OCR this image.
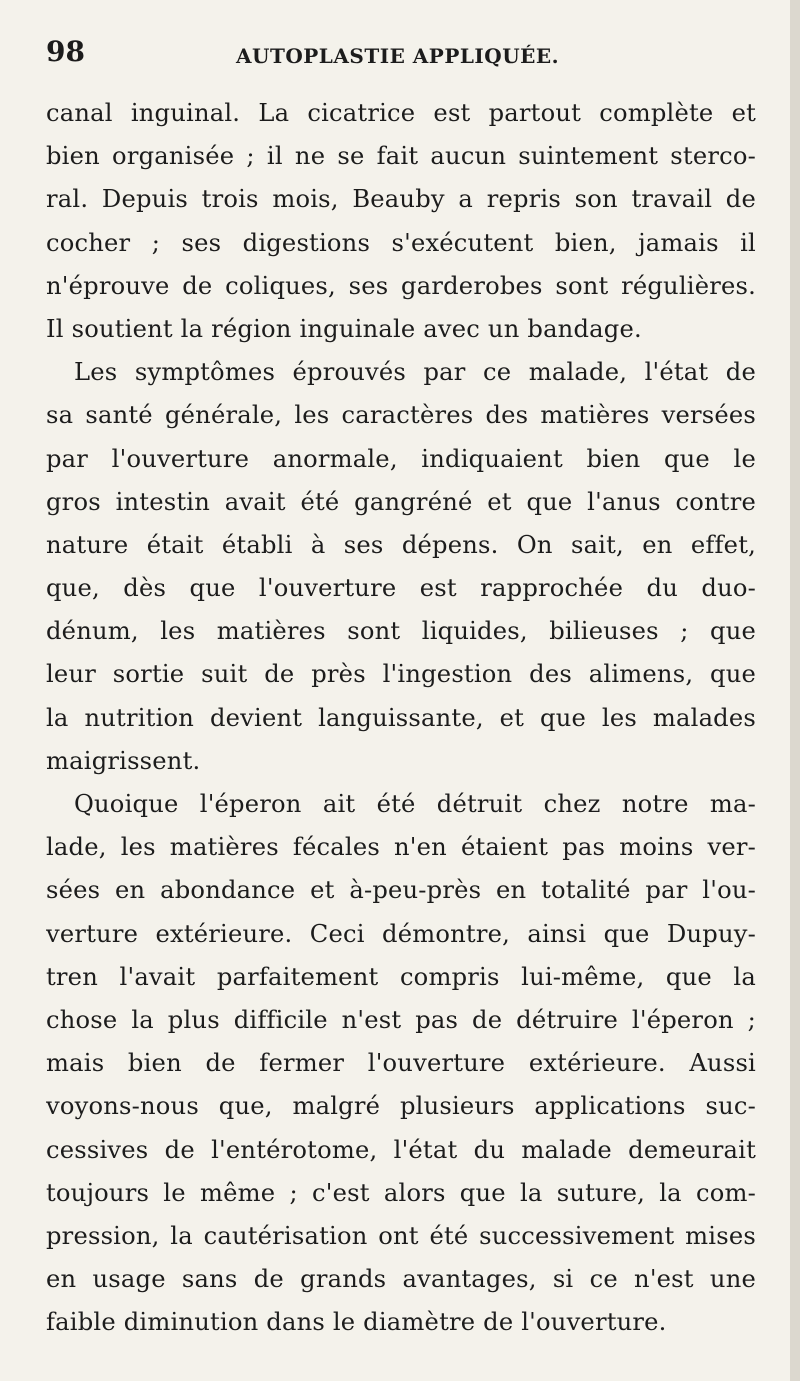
98	AUTOPLASTIE APPLIQUÉE.
canal inguinal. La cicatrice est partout complète et
bien organisée ; il ne se fait aucun suintement sterco-
ral. Depuis trois mois, Beauby a repris son travail de
cocher ; ses digestions s'exécutent bien, jamais il
n'éprouve de coliques, ses garderobes sont régulières.
Il soutient la région inguinale avec un bandage.
Les symptômes éprouvés par ce malade, l'état de
sa santé générale, les caractères des matières versées
par l'ouverture anormale, indiquaient bien que le
gros intestin avait été gangréné et que l'anus contre
nature était établi à ses dépens. On sait, en effet,
que, dès que l'ouverture est rapprochée du duo-
dénum, les matières sont liquides, bilieuses ; que
leur sortie suit de près l'ingestion des alimens, que
la nutrition devient languissante, et que les malades
maigrissent.
Quoique l'éperon ait été détruit chez notre ma-
lade, les matières fécales n'en étaient pas moins ver-
sées en abondance et à-peu-près en totalité par l'ou-
verture extérieure. Ceci démontre, ainsi que Dupuy-
tren l'avait parfaitement compris lui-même, que la
chose la plus difficile n'est pas de détruire l'éperon ;
mais bien de fermer l'ouverture extérieure. Aussi
voyons-nous que, malgré plusieurs applications suc-
cessives de l'entérotome, l'état du malade demeurait
toujours le même ; c'est alors que la suture, la com-
pression, la cautérisation ont été successivement mises
en usage sans de grands avantages, si ce n'est une
faible diminution dans le diamètre de l'ouverture.
